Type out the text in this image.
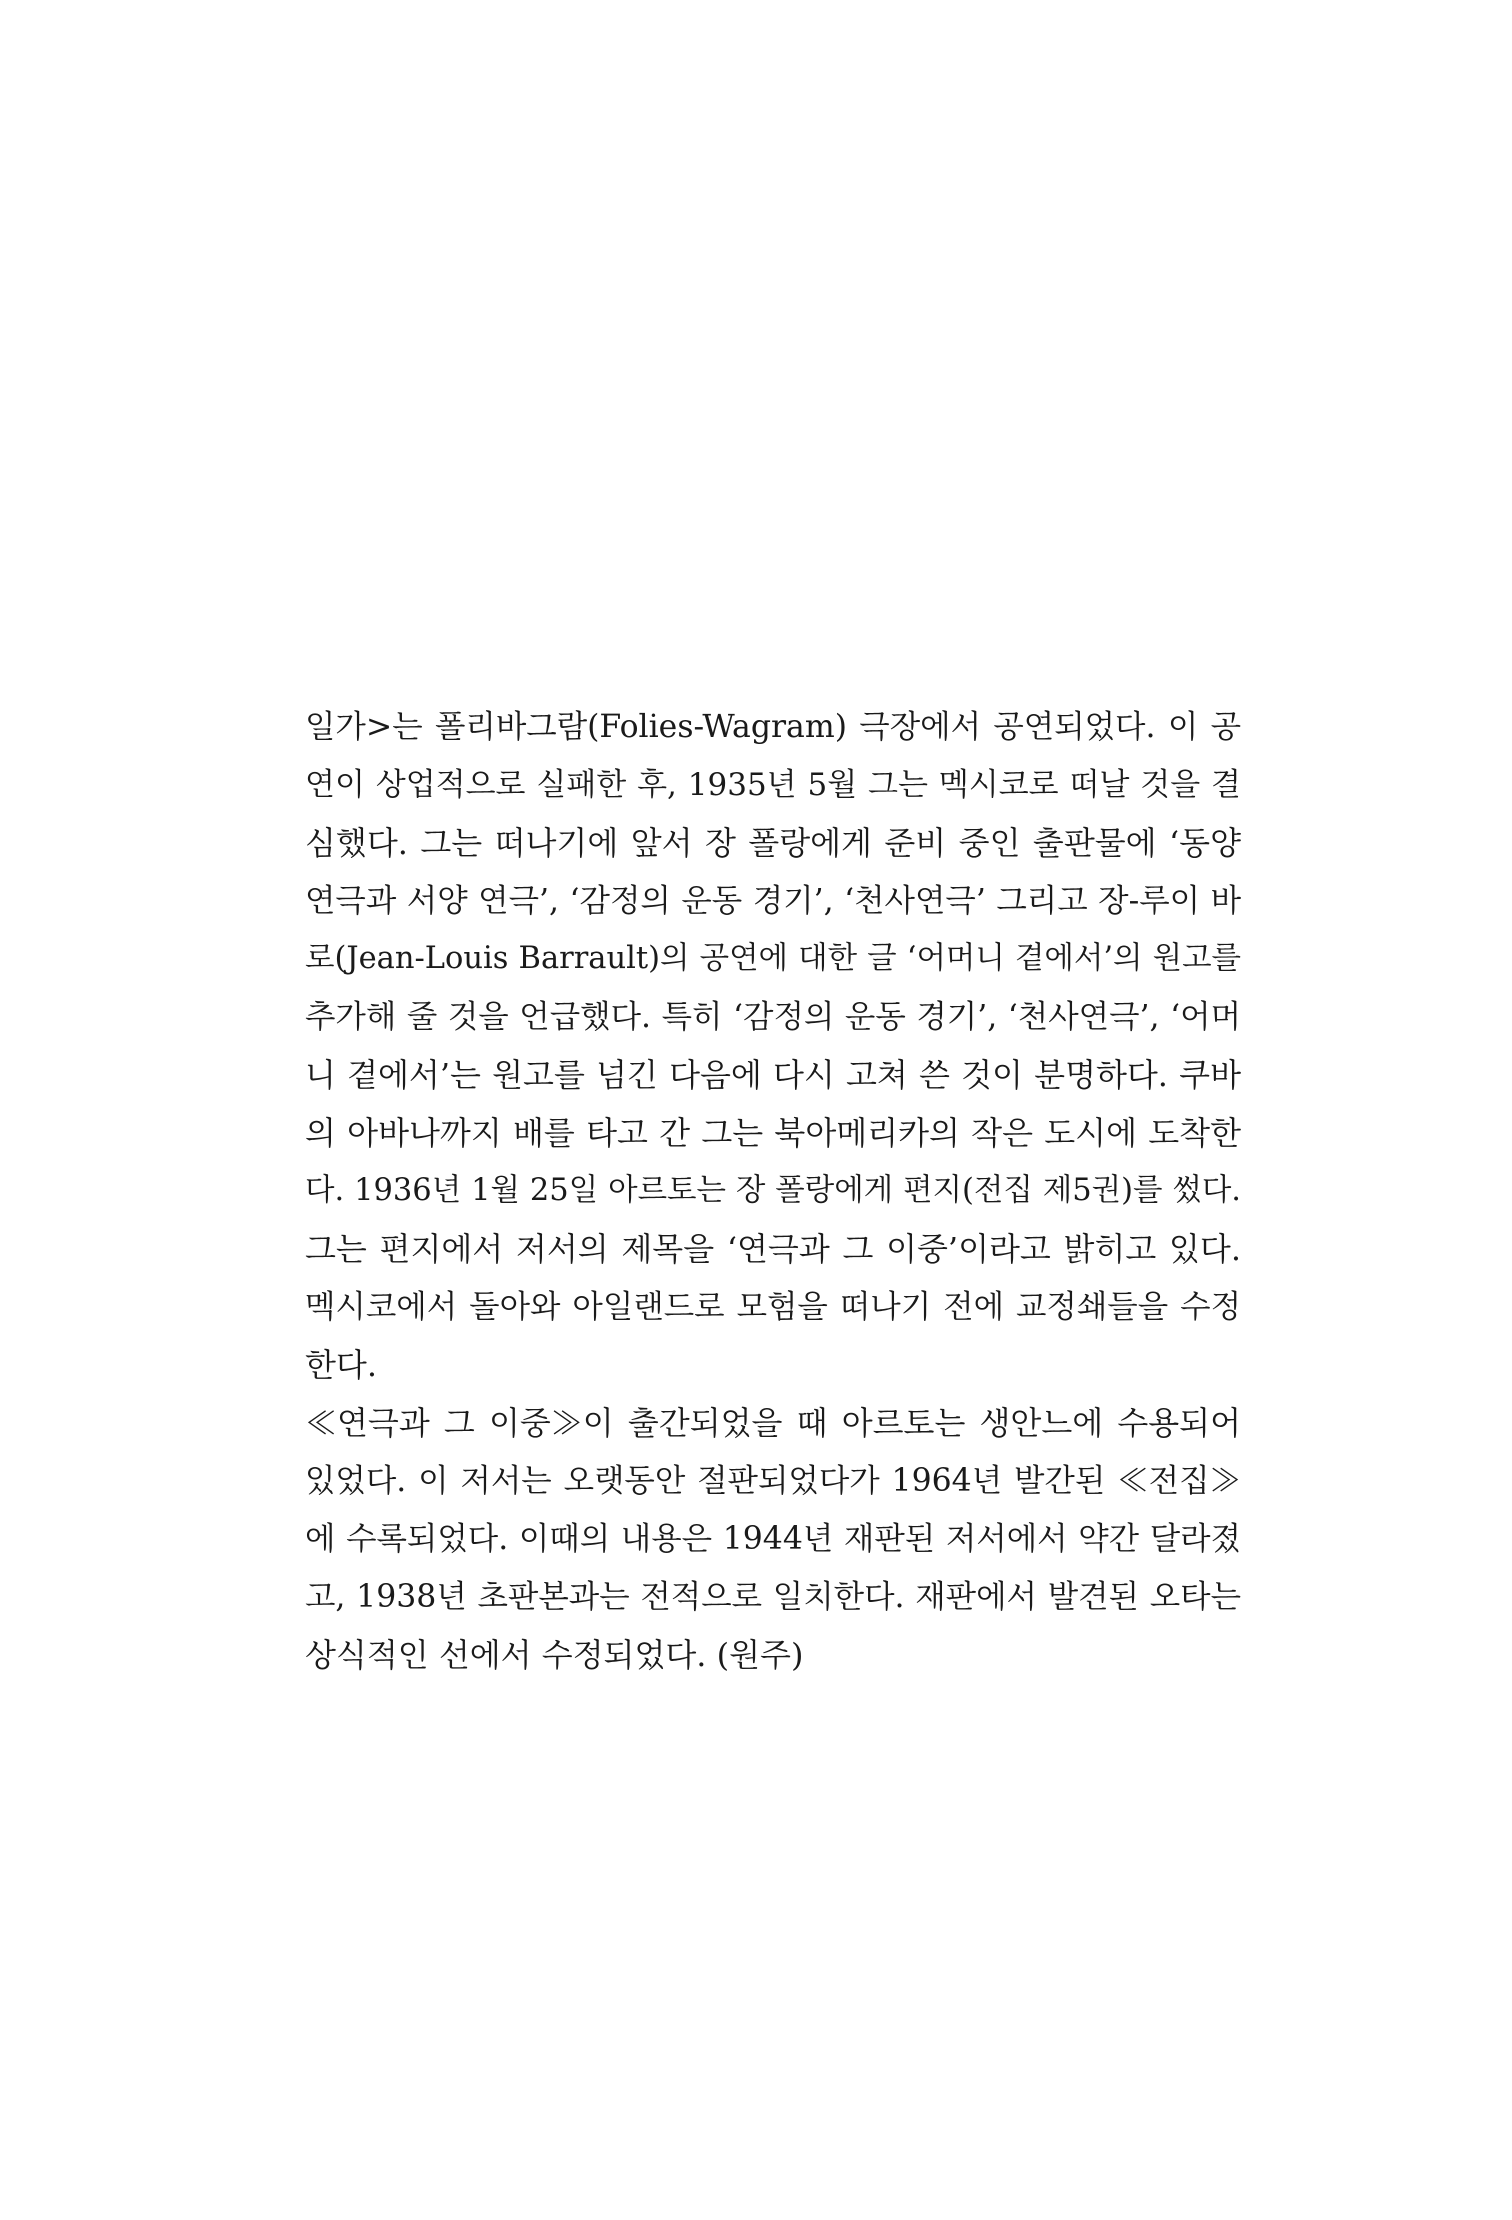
일가>는 폴리바그람(Folies-Wagram) 극장에서 공연되었다. 이 공
연이 상업적으로 실패한 후, 1935년 5월 그는 멕시코로 떠날 것을 결
심했다. 그는 떠나기에 앞서 장 폴랑에게 준비 중인 출판물에 ‘동양
연극과 서양 연극’, ‘감정의 운동 경기’, ‘천사연극’ 그리고 장-루이 바
로(Jean-Louis Barrault)의 공연에 대한 글 ‘어머니 곁에서’의 원고를
추가해 줄 것을 언급했다. 특히 ‘감정의 운동 경기’, ‘천사연극’, ‘어머
니 곁에서’는 원고를 넘긴 다음에 다시 고쳐 쓴 것이 분명하다. 쿠바
의 아바나까지 배를 타고 간 그는 북아메리카의 작은 도시에 도착한
다. 1936년 1월 25일 아르토는 장 폴랑에게 편지(전집 제5권)를 썼다.
그는 편지에서 저서의 제목을 ‘연극과 그 이중’이라고 밝히고 있다.
멕시코에서 돌아와 아일랜드로 모험을 떠나기 전에 교정쇄들을 수정
한다.
≪연극과 그 이중≫이 출간되었을 때 아르토는 생안느에 수용되어
있었다. 이 저서는 오랫동안 절판되었다가 1964년 발간된 ≪전집≫
에 수록되었다. 이때의 내용은 1944년 재판된 저서에서 약간 달라졌
고, 1938년 초판본과는 전적으로 일치한다. 재판에서 발견된 오타는
상식적인 선에서 수정되었다. (원주)
